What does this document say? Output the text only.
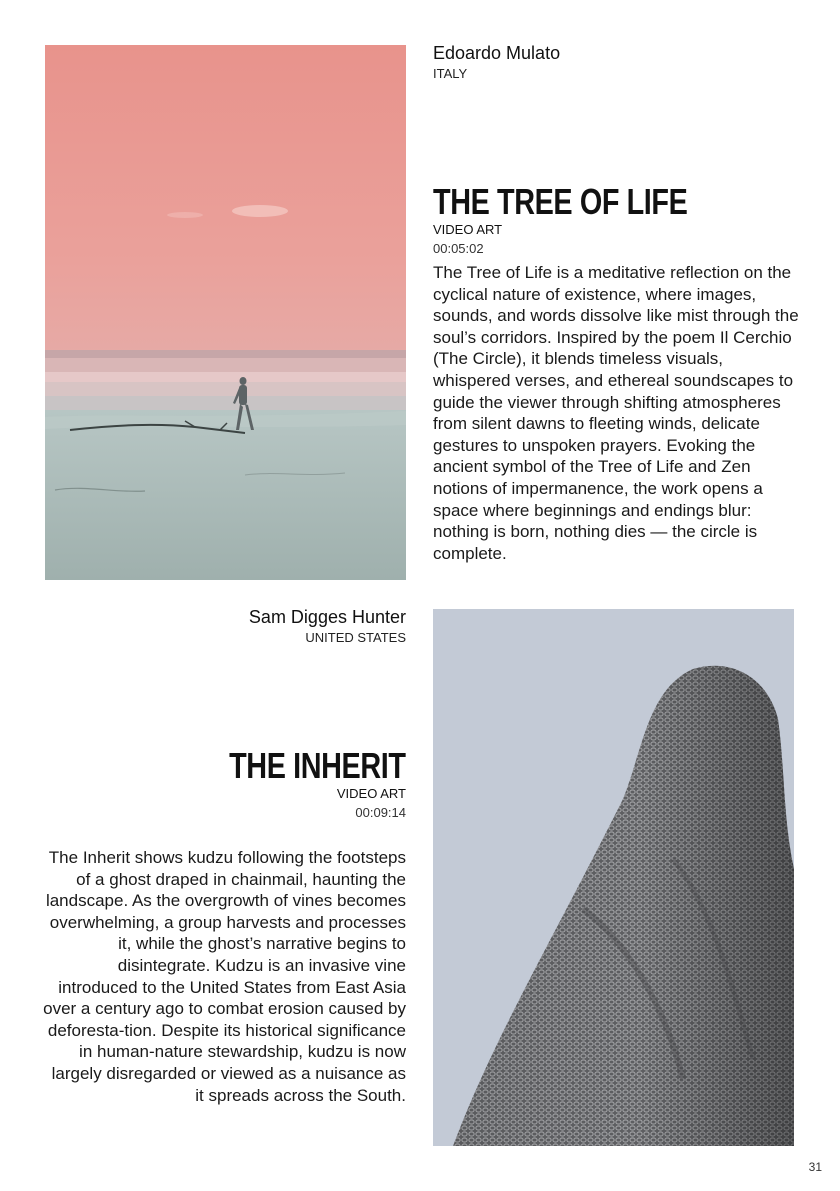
Edoardo Mulato
ITALY
THE TREE OF LIFE
VIDEO ART
00:05:02
The Tree of Life is a meditative reflection on the cyclical nature of existence, where images, sounds, and words dissolve like mist through the soul’s corridors. Inspired by the poem Il Cerchio (The Circle), it blends timeless visuals, whispered verses, and ethereal soundscapes to guide the viewer through shifting atmospheres from silent dawns to fleeting winds, delicate gestures to unspoken prayers. Evoking the ancient symbol of the Tree of Life and Zen notions of impermanence, the work opens a space where beginnings and endings blur: nothing is born, nothing dies — the circle is complete.
Sam Digges Hunter
UNITED STATES
THE INHERIT
VIDEO ART
00:09:14
The Inherit shows kudzu following the footsteps of a ghost draped in chainmail, haunting the landscape. As the overgrowth of vines becomes overwhelming, a group harvests and processes it, while the ghost’s narrative begins to disintegrate. Kudzu is an invasive vine introduced to the United States from East Asia over a century ago to combat erosion caused by deforesta-tion. Despite its historical significance in human-nature stewardship, kudzu is now largely disregarded or viewed as a nuisance as it spreads across the South.
31
